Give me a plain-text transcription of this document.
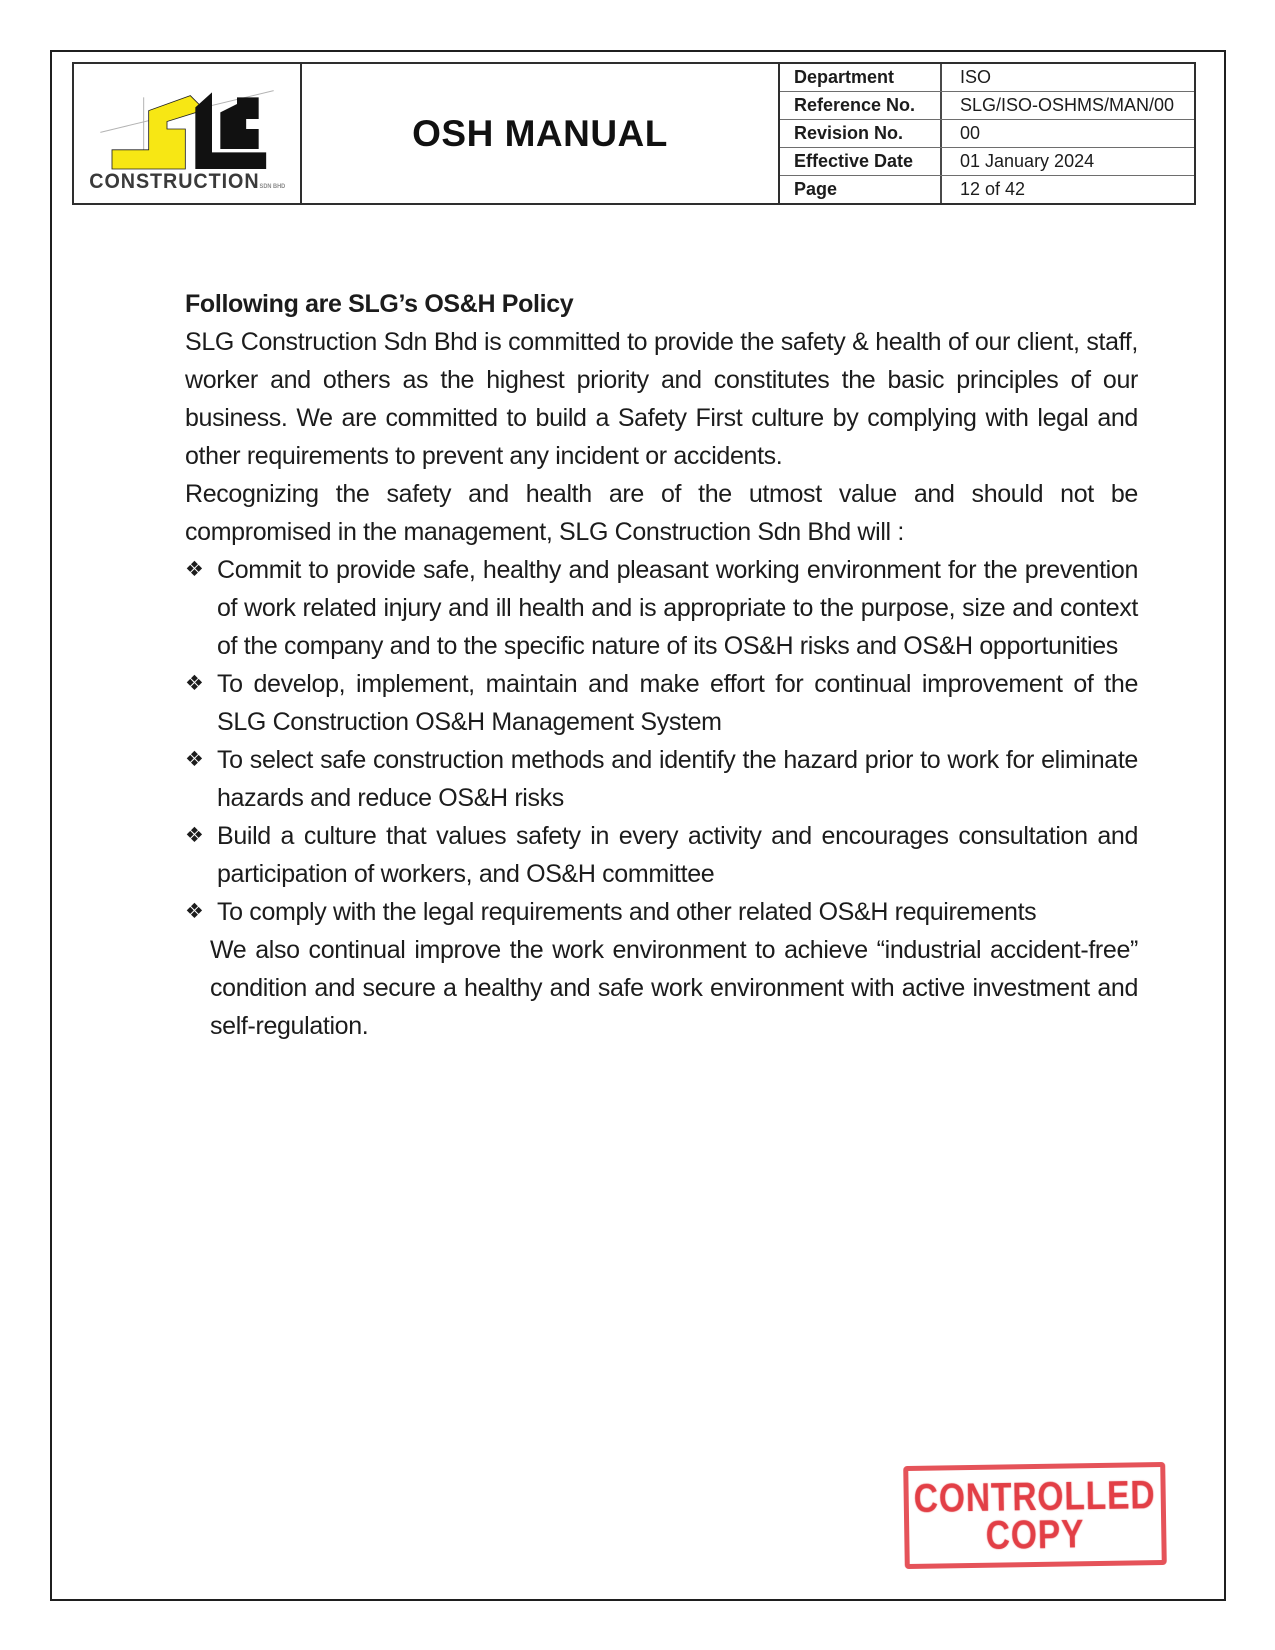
CONSTRUCTIONSDN BHD
OSH MANUAL
Department	ISO
Reference No.	SLG/ISO-OSHMS/MAN/00
Revision No.	00
Effective Date	01 January 2024
Page	12 of 42

Following are SLG’s OS&H Policy

SLG Construction Sdn Bhd is committed to provide the safety & health of our client, staff, worker and others as the highest priority and constitutes the basic principles of our business. We are committed to build a Safety First culture by complying with legal and other requirements to prevent any incident or accidents.

Recognizing the safety and health are of the utmost value and should not be compromised in the management, SLG Construction Sdn Bhd will :

❖ Commit to provide safe, healthy and pleasant working environment for the prevention of work related injury and ill health and is appropriate to the purpose, size and context of the company and to the specific nature of its OS&H risks and OS&H opportunities
❖ To develop, implement, maintain and make effort for continual improvement of the SLG Construction OS&H Management System
❖ To select safe construction methods and identify the hazard prior to work for eliminate hazards and reduce OS&H risks
❖ Build a culture that values safety in every activity and encourages consultation and participation of workers, and OS&H committee
❖ To comply with the legal requirements and other related OS&H requirements

We also continual improve the work environment to achieve “industrial accident-free” condition and secure a healthy and safe work environment with active investment and self-regulation.

CONTROLLED
COPY
